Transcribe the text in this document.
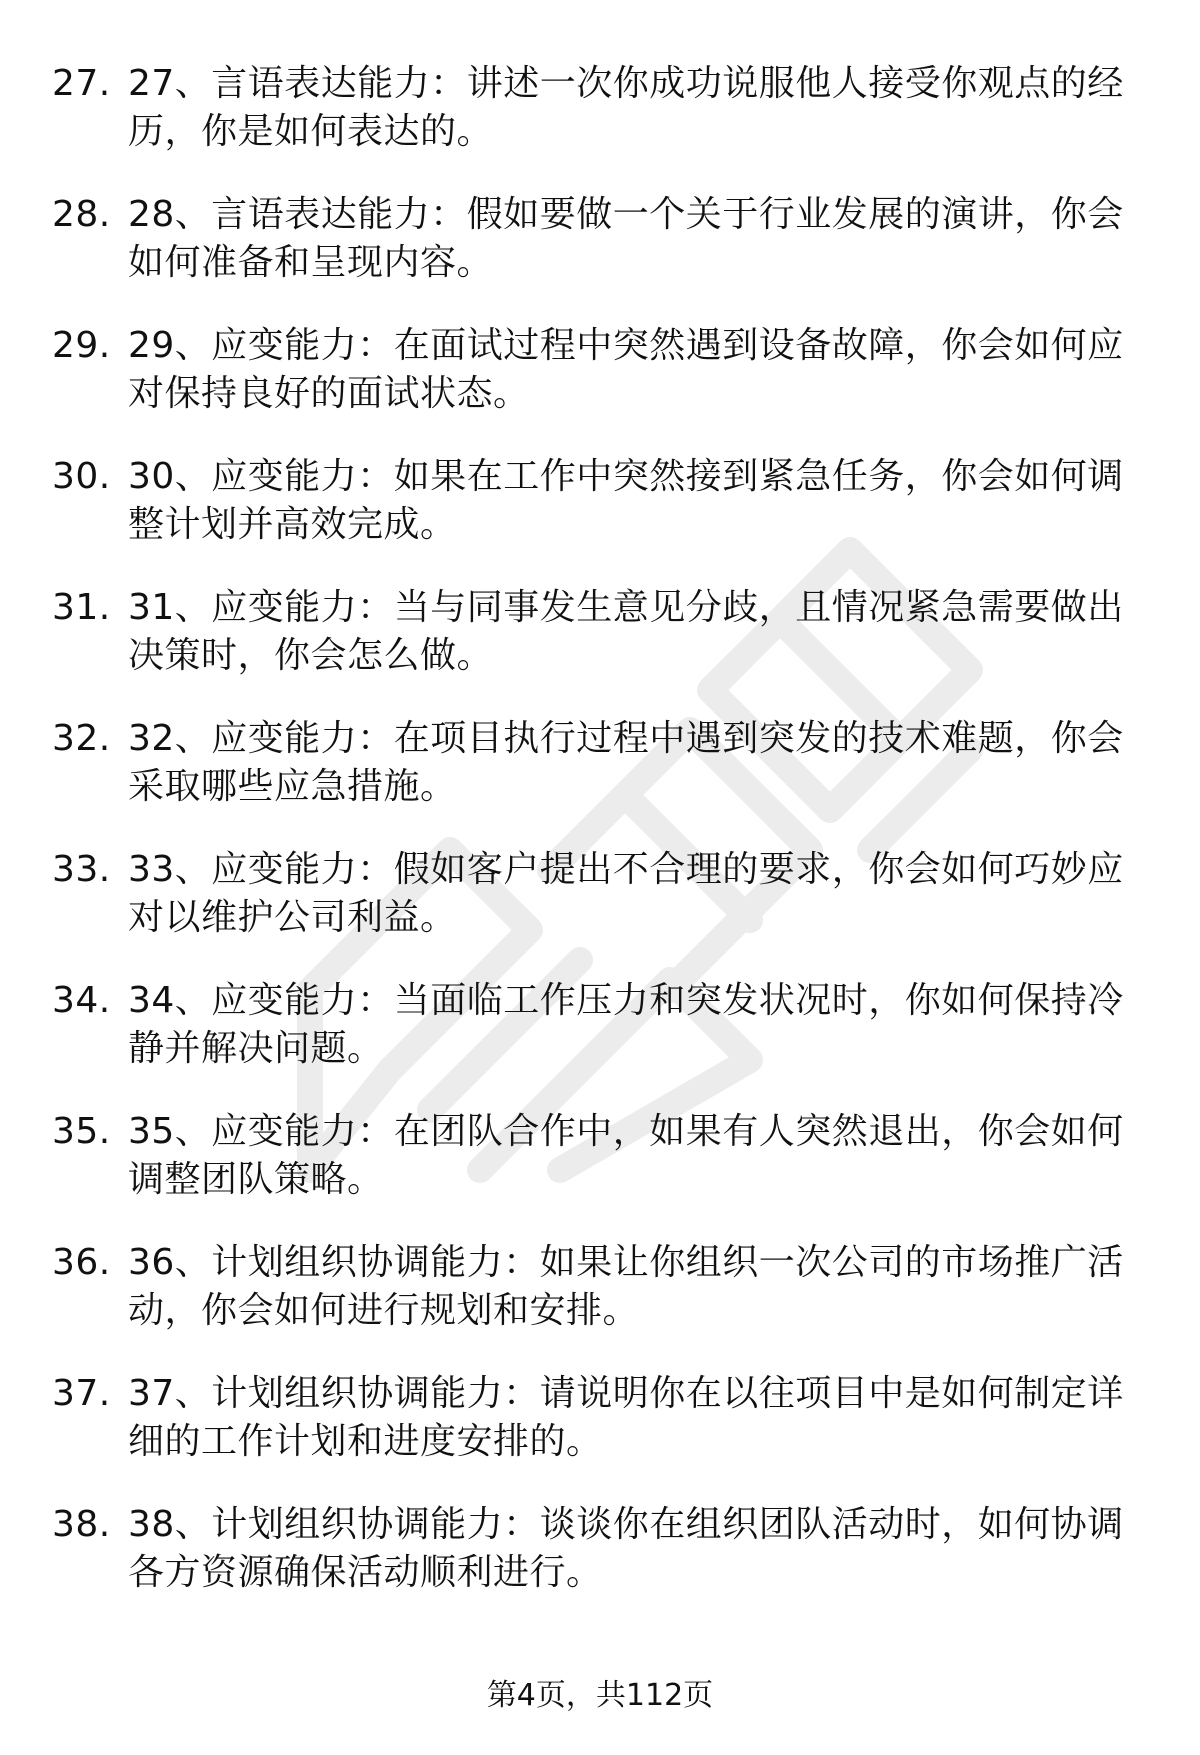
27. 27、言语表达能力：讲述一次你成功说服他人接受你观点的经历，你是如何表达的。
28. 28、言语表达能力：假如要做一个关于行业发展的演讲，你会如何准备和呈现内容。
29. 29、应变能力：在面试过程中突然遇到设备故障，你会如何应对保持良好的面试状态。
30. 30、应变能力：如果在工作中突然接到紧急任务，你会如何调整计划并高效完成。
31. 31、应变能力：当与同事发生意见分歧，且情况紧急需要做出决策时，你会怎么做。
32. 32、应变能力：在项目执行过程中遇到突发的技术难题，你会采取哪些应急措施。
33. 33、应变能力：假如客户提出不合理的要求，你会如何巧妙应对以维护公司利益。
34. 34、应变能力：当面临工作压力和突发状况时，你如何保持冷静并解决问题。
35. 35、应变能力：在团队合作中，如果有人突然退出，你会如何调整团队策略。
36. 36、计划组织协调能力：如果让你组织一次公司的市场推广活动，你会如何进行规划和安排。
37. 37、计划组织协调能力：请说明你在以往项目中是如何制定详细的工作计划和进度安排的。
38. 38、计划组织协调能力：谈谈你在组织团队活动时，如何协调各方资源确保活动顺利进行。
第4页，共112页
